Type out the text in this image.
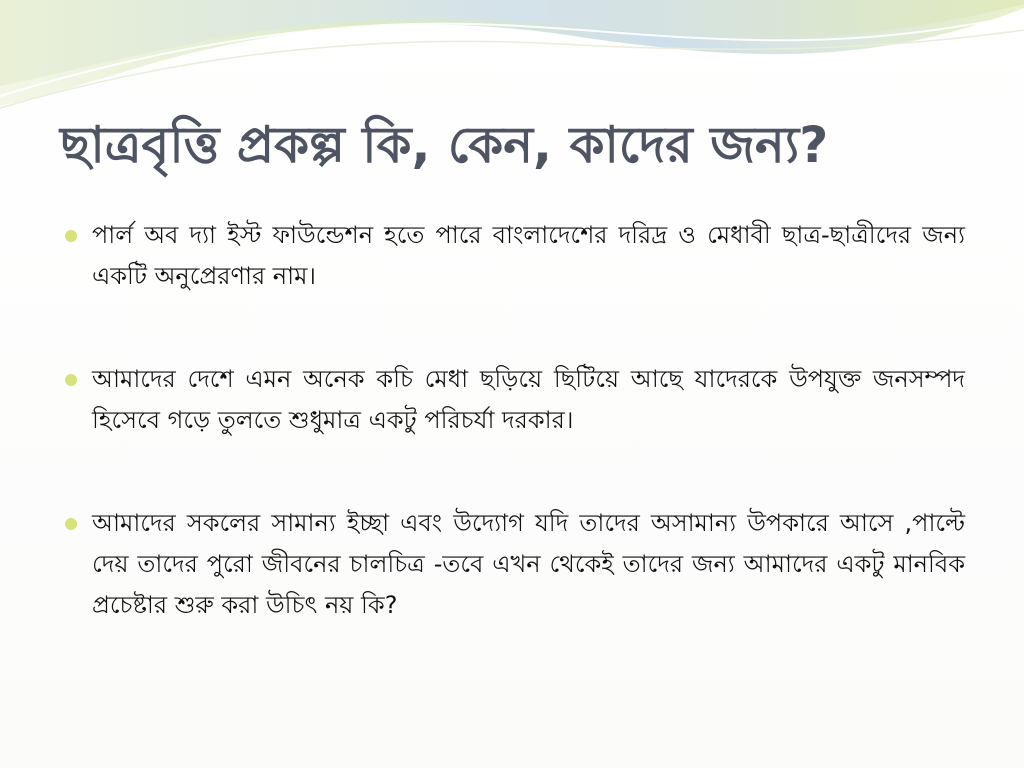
ছাত্রবৃত্তি প্রকল্প কি, কেন, কাদের জন্য?
পার্ল অব দ্যা ইস্ট ফাউন্ডেশন হতে পারে বাংলাদেশের দরিদ্র ও মেধাবী ছাত্র-ছাত্রীদের জন্য একটি অনুপ্রেরণার নাম।
আমাদের দেশে এমন অনেক কচি মেধা ছড়িয়ে ছিটিয়ে আছে যাদেরকে উপযুক্ত জনসম্পদ হিসেবে গড়ে তুলতে শুধুমাত্র একটু পরিচর্যা দরকার।
আমাদের সকলের সামান্য ইচ্ছা এবং উদ্যোগ যদি তাদের অসামান্য উপকারে আসে ,পাল্টে দেয় তাদের পুরো জীবনের চালচিত্র -তবে এখন থেকেই তাদের জন্য আমাদের একটু মানবিক প্রচেষ্টার শুরু করা উচিৎ নয় কি?
